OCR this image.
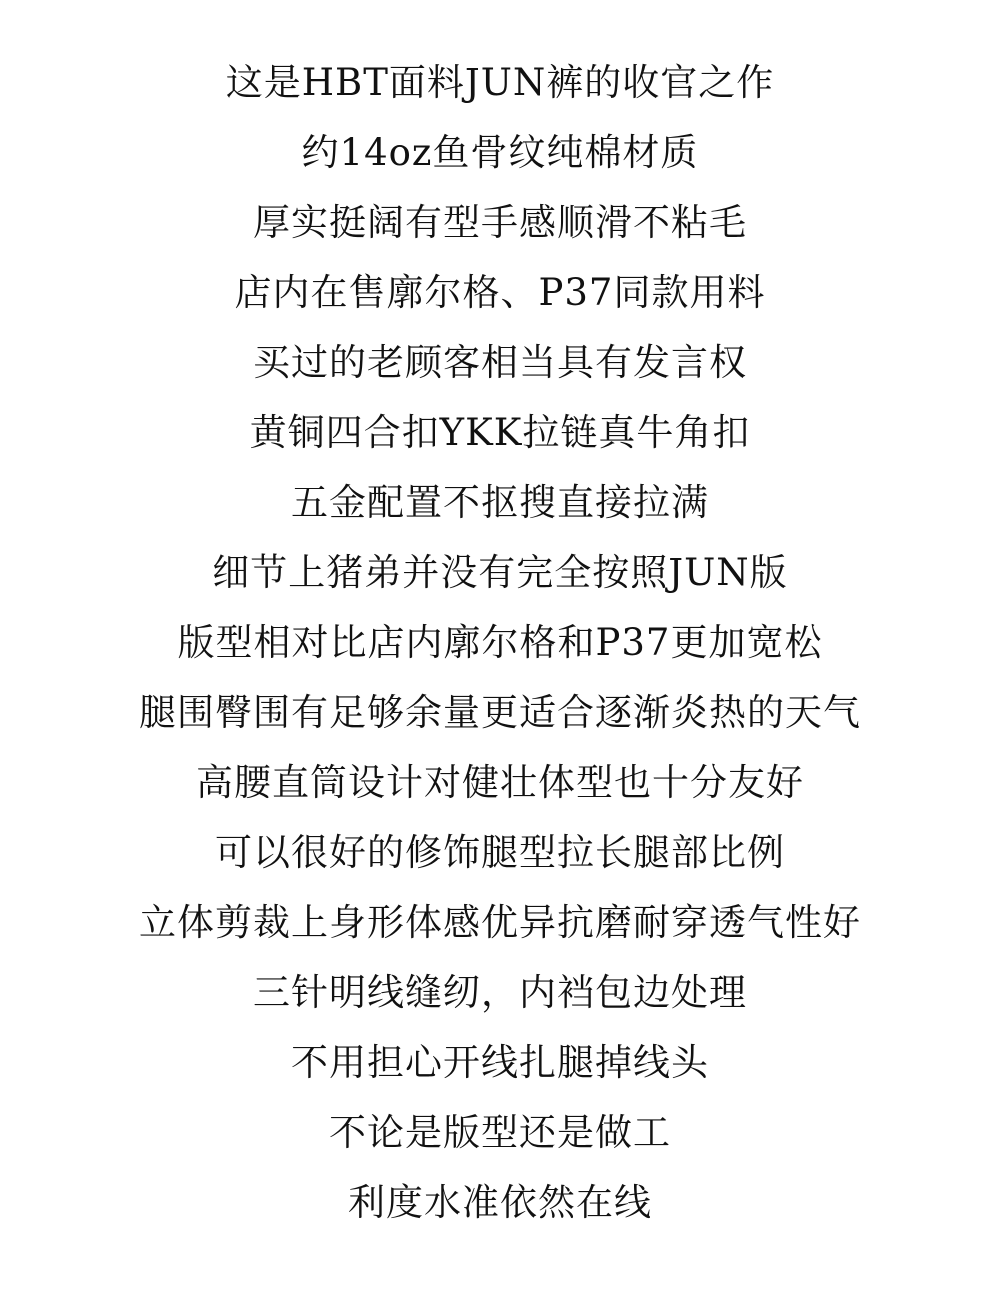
这是HBT面料JUN裤的收官之作
约14oz鱼骨纹纯棉材质
厚实挺阔有型手感顺滑不粘毛
店内在售廓尔格、P37同款用料
买过的老顾客相当具有发言权
黄铜四合扣YKK拉链真牛角扣
五金配置不抠搜直接拉满
细节上猪弟并没有完全按照JUN版
版型相对比店内廓尔格和P37更加宽松
腿围臀围有足够余量更适合逐渐炎热的天气
高腰直筒设计对健壮体型也十分友好
可以很好的修饰腿型拉长腿部比例
立体剪裁上身形体感优异抗磨耐穿透气性好
三针明线缝纫，内裆包边处理
不用担心开线扎腿掉线头
不论是版型还是做工
利度水准依然在线
